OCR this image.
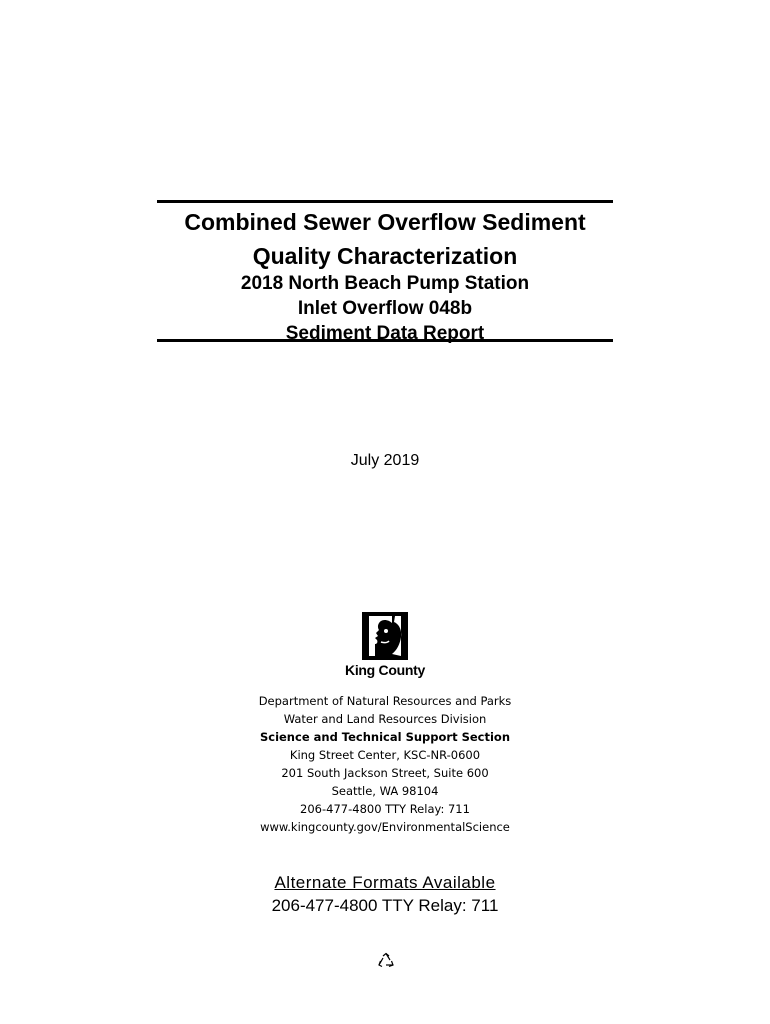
Combined Sewer Overflow Sediment
Quality Characterization
2018 North Beach Pump Station
Inlet Overflow 048b
Sediment Data Report
July 2019
King County
Department of Natural Resources and Parks
Water and Land Resources Division
Science and Technical Support Section
King Street Center, KSC-NR-0600
201 South Jackson Street, Suite 600
Seattle, WA 98104
206-477-4800 TTY Relay: 711
www.kingcounty.gov/EnvironmentalScience
Alternate Formats Available
206-477-4800 TTY Relay: 711
